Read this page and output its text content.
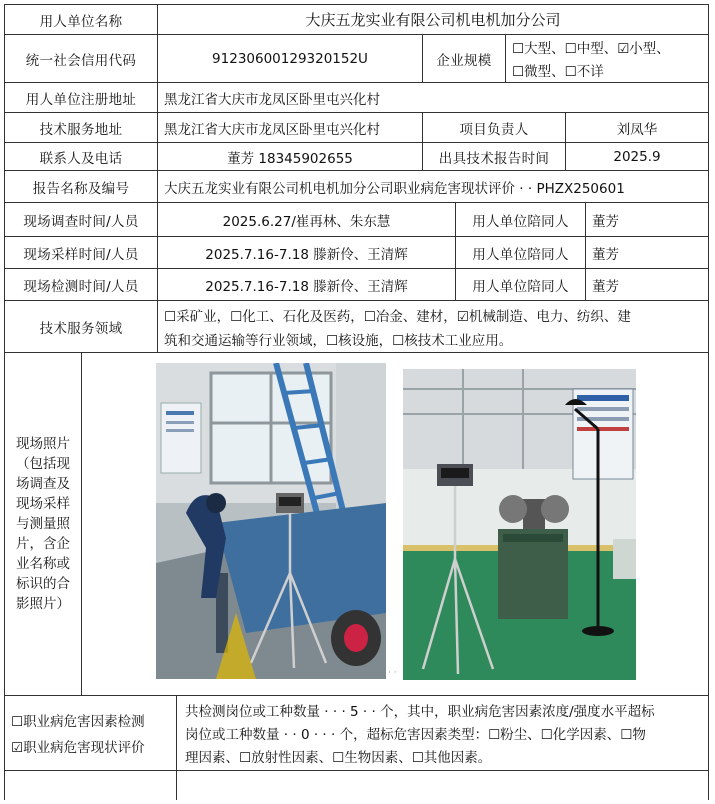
用人单位名称	大庆五龙实业有限公司机电机加分公司
统一社会信用代码	91230600129320152U	企业规模
☐大型、☐中型、☑小型、
☐微型、☐不详
用人单位注册地址 黑龙江省大庆市龙凤区卧里屯兴化村
技术服务地址	黑龙江省大庆市龙凤区卧里屯兴化村	项目负责人	刘凤华
联系人及电话	董芳 18345902655	出具技术报告时间	2025.9
报告名称及编号	大庆五龙实业有限公司机电机加分公司职业病危害现状评价 · · PHZX250601
现场调查时间/人员	2025.6.27/崔再林、朱东慧	用人单位陪同人 董芳
现场采样时间/人员	2025.7.16-7.18 滕新伶、王清辉	用人单位陪同人 董芳
现场检测时间/人员	2025.7.16-7.18 滕新伶、王清辉	用人单位陪同人 董芳
技术服务领域
☐采矿业，☐化工、石化及医药，☐冶金、建材，☑机械制造、电力、纺织、建
筑和交通运输等行业领域，☐核设施，☐核技术工业应用。
现场照片（包括现场调查及现场采样与测量照片，含企业名称或标识的合影照片）
· ·
☐职业病危害因素检测
☑职业病危害现状评价
共检测岗位或工种数量 · · · 5 · · 个，其中，职业病危害因素浓度/强度水平超标
岗位或工种数量 · · 0 · · · 个，超标危害因素类型：☐粉尘、☐化学因素、☐物
理因素、☐放射性因素、☐生物因素、☐其他因素。
